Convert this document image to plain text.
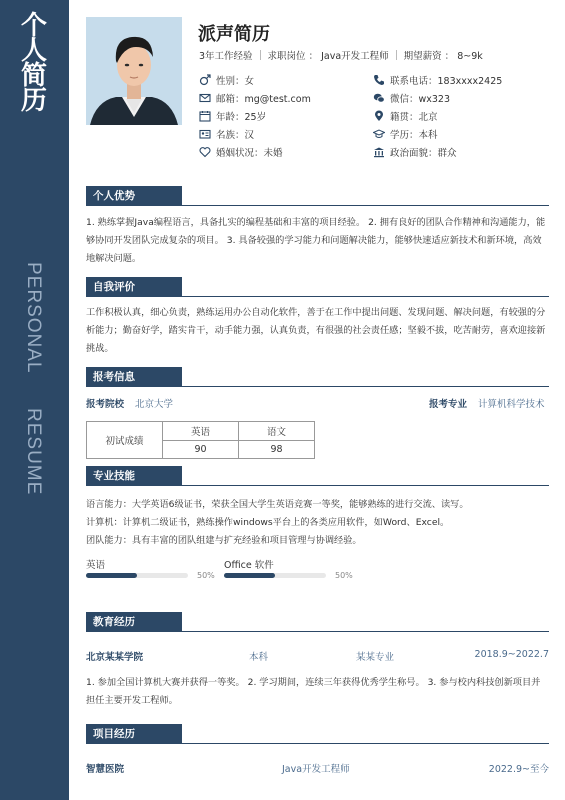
个
人
简
历
PERSONAL
RESUME
派声简历
3年工作经验 求职岗位 ： Java开发工程师 期望薪资 ： 8~9k
性别：女	联系电话：183xxxx2425
邮箱：mg@test.com	微信：wx323
年龄：25岁	籍贯：北京
名族：汉	学历：本科
婚姻状况：未婚	政治面貌：群众
个人优势
1. 熟练掌握Java编程语言，具备扎实的编程基础和丰富的项目经验。 2. 拥有良好的团队合作精神和沟通能力，能够协同开发团队完成复杂的项目。 3. 具备较强的学习能力和问题解决能力，能够快速适应新技术和新环境，高效地解决问题。
自我评价
工作积极认真，细心负责，熟练运用办公自动化软件，善于在工作中提出问题、发现问题、解决问题，有较强的分析能力；勤奋好学，踏实肯干，动手能力强，认真负责，有很强的社会责任感；坚毅不拔，吃苦耐劳，喜欢迎接新挑战。
报考信息
报考院校 北京大学	报考专业 计算机科学技术
初试成绩	英语	语文
	90	98
专业技能
语言能力：大学英语6级证书，荣获全国大学生英语竞赛一等奖，能够熟练的进行交流、读写。
计算机：计算机二级证书，熟练操作windows平台上的各类应用软件，如Word、Excel。
团队能力：具有丰富的团队组建与扩充经验和项目管理与协调经验。
英语
50%
Office 软件
50%
教育经历
北京某某学院	本科	某某专业	2018.9~2022.7
1. 参加全国计算机大赛并获得一等奖。 2. 学习期间，连续三年获得优秀学生称号。 3. 参与校内科技创新项目并担任主要开发工程师。
项目经历
智慧医院	Java开发工程师	2022.9~至今
